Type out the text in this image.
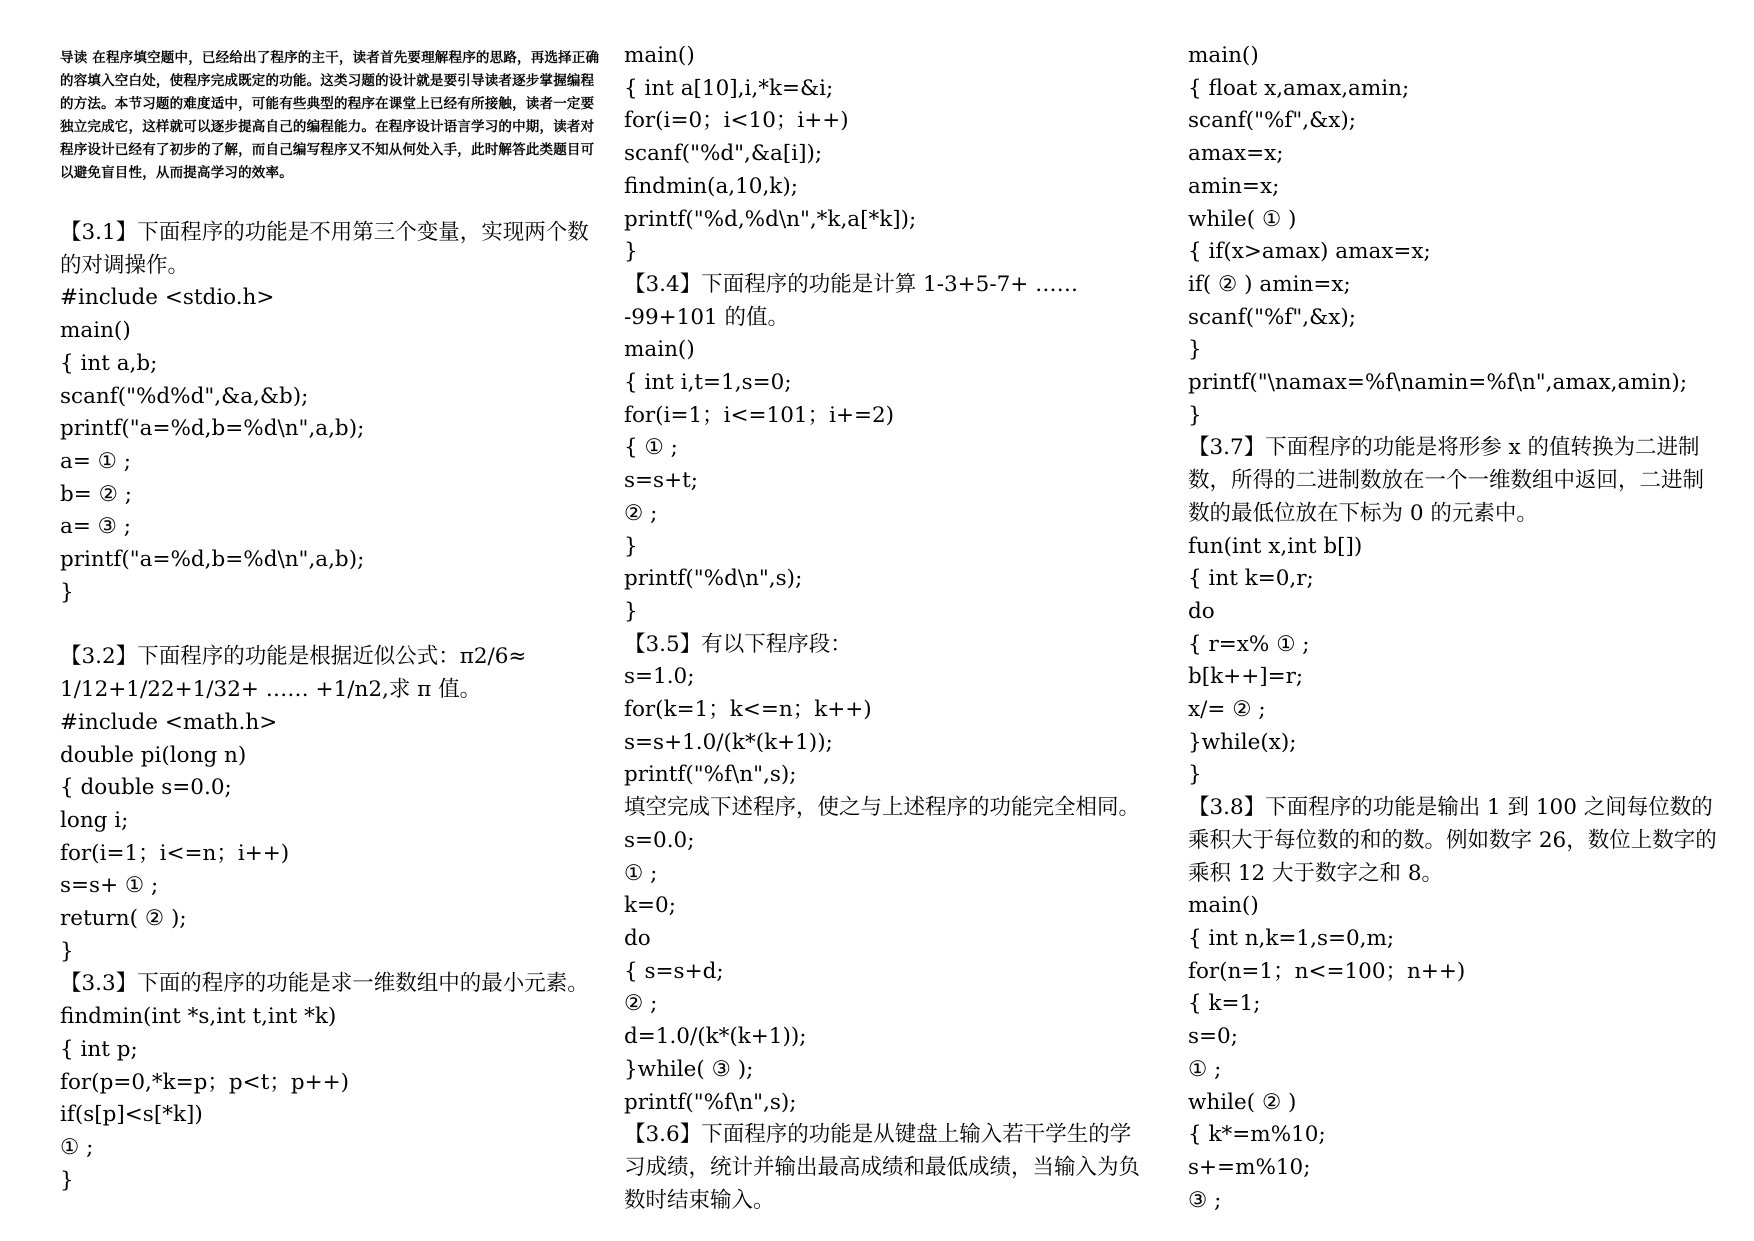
导读 在程序填空题中，已经给出了程序的主干，读者首先要理解程序的思路，再选择正确的容填入空白处，使程序完成既定的功能。这类习题的设计就是要引导读者逐步掌握编程的方法。本节习题的难度适中，可能有些典型的程序在课堂上已经有所接触，读者一定要独立完成它，这样就可以逐步提高自己的编程能力。在程序设计语言学习的中期，读者对程序设计已经有了初步的了解，而自己编写程序又不知从何处入手，此时解答此类题目可以避免盲目性，从而提高学习的效率。
【3.1】下面程序的功能是不用第三个变量，实现两个数
的对调操作。
#include <stdio.h>
main()
{ int a,b;
scanf("%d%d",&a,&b);
printf("a=%d,b=%d\n",a,b);
a= ① ;
b= ② ;
a= ③ ;
printf("a=%d,b=%d\n",a,b);
}
【3.2】下面程序的功能是根据近似公式：π2/6≈
1/12+1/22+1/32+ …… +1/n2,求 π 值。
#include <math.h>
double pi(long n)
{ double s=0.0;
long i;
for(i=1；i<=n；i++)
s=s+ ① ;
return( ② );
}
【3.3】下面的程序的功能是求一维数组中的最小元素。
findmin(int *s,int t,int *k)
{ int p;
for(p=0,*k=p；p<t；p++)
if(s[p]<s[*k])
① ;
}
main()
{ int a[10],i,*k=&i;
for(i=0；i<10；i++)
scanf("%d",&a[i]);
findmin(a,10,k);
printf("%d,%d\n",*k,a[*k]);
}
【3.4】下面程序的功能是计算 1-3+5-7+ ……
-99+101 的值。
main()
{ int i,t=1,s=0;
for(i=1；i<=101；i+=2)
{ ① ;
s=s+t;
② ;
}
printf("%d\n",s);
}
【3.5】有以下程序段：
s=1.0;
for(k=1；k<=n；k++)
s=s+1.0/(k*(k+1));
printf("%f\n",s);
填空完成下述程序，使之与上述程序的功能完全相同。
s=0.0;
① ;
k=0;
do
{ s=s+d;
② ;
d=1.0/(k*(k+1));
}while( ③ );
printf("%f\n",s);
【3.6】下面程序的功能是从键盘上输入若干学生的学
习成绩，统计并输出最高成绩和最低成绩，当输入为负
数时结束输入。
main()
{ float x,amax,amin;
scanf("%f",&x);
amax=x;
amin=x;
while( ① )
{ if(x>amax) amax=x;
if( ② ) amin=x;
scanf("%f",&x);
}
printf("\namax=%f\namin=%f\n",amax,amin);
}
【3.7】下面程序的功能是将形参 x 的值转换为二进制
数，所得的二进制数放在一个一维数组中返回，二进制
数的最低位放在下标为 0 的元素中。
fun(int x,int b[])
{ int k=0,r;
do
{ r=x% ① ;
b[k++]=r;
x/= ② ;
}while(x);
}
【3.8】下面程序的功能是输出 1 到 100 之间每位数的
乘积大于每位数的和的数。例如数字 26，数位上数字的
乘积 12 大于数字之和 8。
main()
{ int n,k=1,s=0,m;
for(n=1；n<=100；n++)
{ k=1;
s=0;
① ;
while( ② )
{ k*=m%10;
s+=m%10;
③ ;
